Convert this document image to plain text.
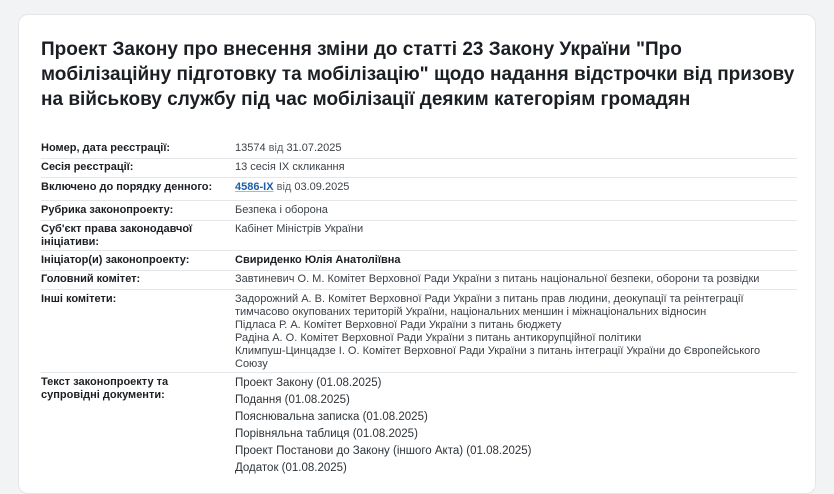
Проект Закону про внесення зміни до статті 23 Закону України "Про мобілізаційну підготовку та мобілізацію" щодо надання відстрочки від призову на військову службу під час мобілізації деяким категоріям громадян
Номер, дата реєстрації:	13574 від 31.07.2025
Сесія реєстрації:	13 сесія IX скликання
Включено до порядку денного:	4586-IX від 03.09.2025
Рубрика законопроекту:	Безпека і оборона
Суб'єкт права законодавчої ініціативи:
Кабінет Міністрів України
Ініціатор(и) законопроекту:	Свириденко Юлія Анатоліївна
Головний комітет:	Завтиневич О. М. Комітет Верховної Ради України з питань національної безпеки, оборони та розвідки
Інші комітети:	Задорожний А. В. Комітет Верховної Ради України з питань прав людини, деокупації та реінтеграції тимчасово окупованих територій України, національних меншин і міжнаціональних відносин
Підласа Р. А. Комітет Верховної Ради України з питань бюджету
Радіна А. О. Комітет Верховної Ради України з питань антикорупційної політики
Климпуш-Цинцадзе І. О. Комітет Верховної Ради України з питань інтеграції України до Європейського Союзу
Текст законопроекту та супровідні документи:
Проект Закону (01.08.2025)
Подання (01.08.2025)
Пояснювальна записка (01.08.2025)
Порівняльна таблиця (01.08.2025)
Проект Постанови до Закону (іншого Акта) (01.08.2025)
Додаток (01.08.2025)
